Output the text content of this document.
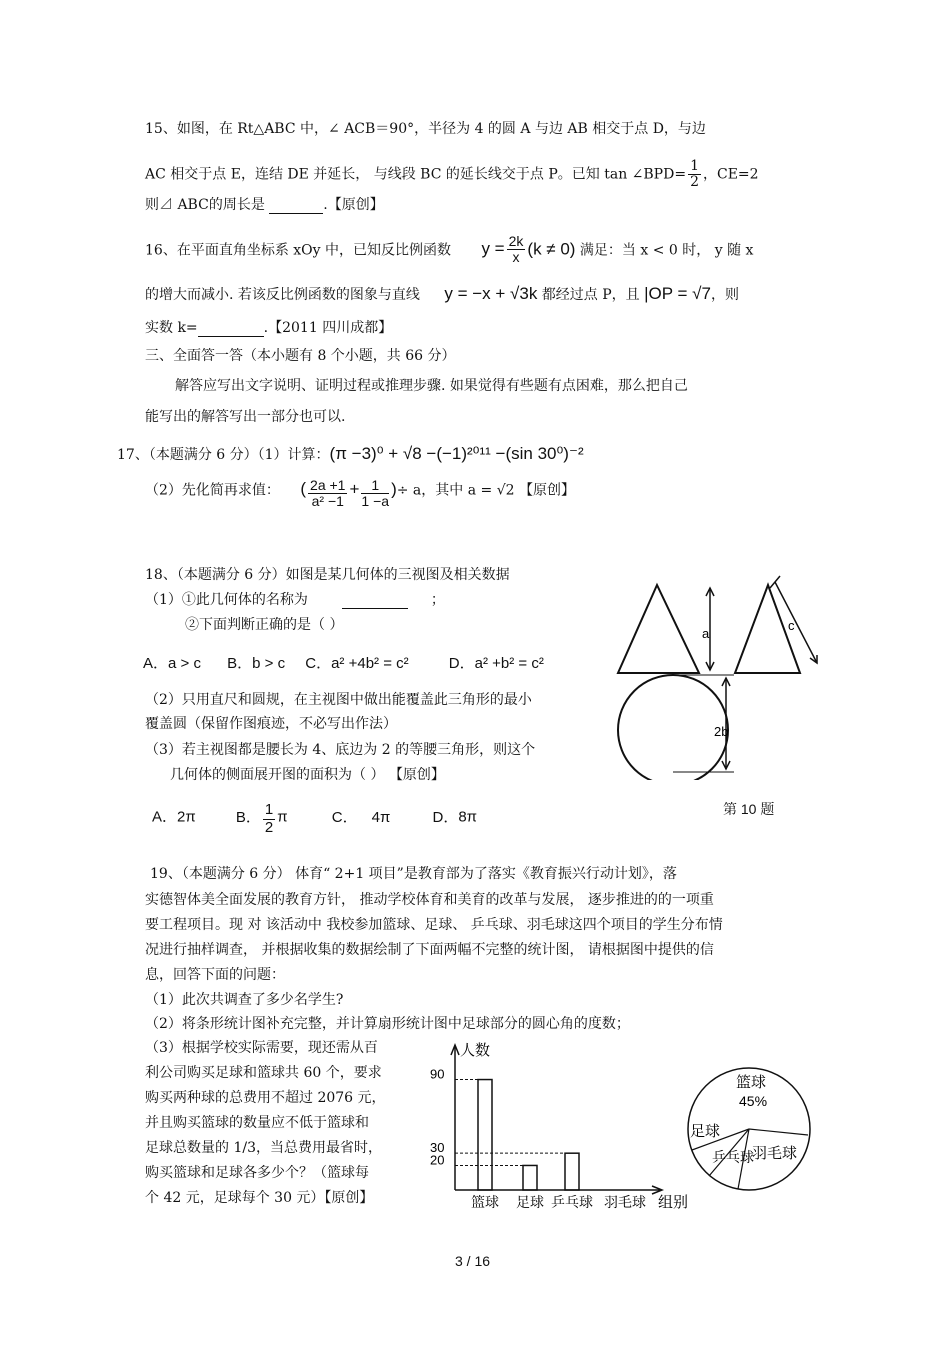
15、如图，在 Rt△ABC 中，∠ ACB＝90°，半径为 4 的圆 A 与边 AB 相交于点 D，与边
AC 相交于点 E，连结 DE 并延长， 与线段 BC 的延长线交于点 P。已知 tan ∠BPD= $\frac{1}{2}$ ，CE=2
则⊿ ABC的周长是	.【原创】
16、在平面直角坐标系 xOy 中，已知反比例函数 $y = \frac{2k}{x} (k \ne 0)$ 满足：当 x < 0 时， y 随 x
的增大而减小. 若该反比例函数的图象与直线 y = −x + √3k 都经过点 P，且 |OP = √7，则
实数 k=	.【2011 四川成都】
三、全面答一答（本小题有 8 个小题，共 66 分）
解答应写出文字说明、证明过程或推理步骤. 如果觉得有些题有点困难，那么把自己
能写出的解答写出一部分也可以.
17、（本题满分 6 分）（1）计算：(π −3)⁰ + √8 −(−1)²⁰¹¹ −(sin 30⁰)⁻²
（2）先化简再求值： ( $\frac{2a +1}{\text{a² −1}} + \frac{1}{1 -a}$ )÷ a，其中 a = √2 【原创】
18、（本题满分 6 分）如图是某几何体的三视图及相关数据
（1）①此几何体的名称为	；
②下面判断正确的是（ ）
A．a > c B．b > c C．a² +4b² = c²	D．a² +b² = c²
（2）只用直尺和圆规，在主视图中做出能覆盖此三角形的最小
覆盖圆（保留作图痕迹，不必写出作法）
（3）若主视图都是腰长为 4、底边为 2 的等腰三角形，则这个
几何体的侧面展开图的面积为（ ） 【原创】
A．2π	B． $\frac{1}{2}$ π	C． 4π	D．8π
a
c
2b
第 10 题
19、（本题满分 6 分） 体育“ 2+1 项目”是教育部为了落实《教育振兴行动计划》，落
实德智体美全面发展的教育方针， 推动学校体育和美育的改革与发展， 逐步推进的的一项重
要工程项目。现 对 该活动中 我校参加篮球、足球、 乒乓球、羽毛球这四个项目的学生分布情
况进行抽样调查， 并根据收集的数据绘制了下面两幅不完整的统计图， 请根据图中提供的信
息，回答下面的问题：
（1）此次共调查了多少名学生?
（2）将条形统计图补充完整，并计算扇形统计图中足球部分的圆心角的度数；
（3）根据学校实际需要，现还需从百
利公司购买足球和篮球共 60 个，要求
购买两种球的总费用不超过 2076 元，
并且购买篮球的数量应不低于篮球和
足球总数量的 1/3，当总费用最省时，
购买篮球和足球各多少个？（篮球每
个 42 元，足球每个 30 元）【原创】
人数
组别
20
30
90
篮球 足球 乒乓球 羽毛球
篮球
45%
足球
乒乓球
羽毛球
3 / 16
